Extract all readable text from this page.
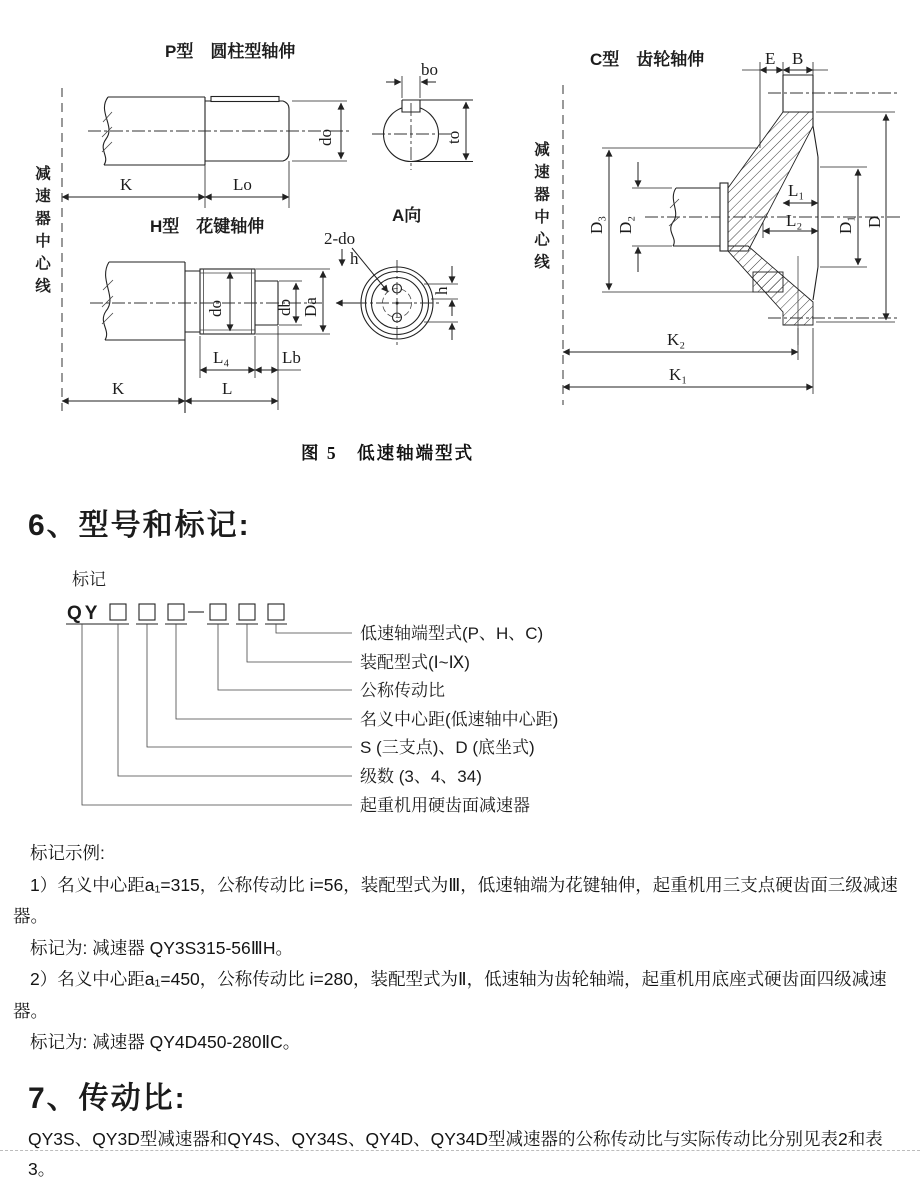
P型　圆柱型轴伸
do
K	Lo
bo
to
A向
H型　花键轴伸
do	db Da
2-do
h
h
L₄	Lb
K	L
C型　齿轮轴伸	E B
D₃ D₂
L₁
L₂ D₁ D
K₂
K₁
减速器中心线	减速器中心线
图 5　低速轴端型式
6、型号和标记:
标记
QY
低速轴端型式(P、H、C)
装配型式(Ⅰ~Ⅸ)
公称传动比
名义中心距(低速轴中心距)
S (三支点)、D (底坐式)
级数 (3、4、34)
起重机用硬齿面减速器

标记示例:

1）名义中心距a₁=315，公称传动比 i=56，装配型式为Ⅲ，低速轴端为花键轴伸，起重机用三支点硬齿面三级减速器。

标记为: 减速器 QY3S315-56ⅢH。

2）名义中心距a₁=450，公称传动比 i=280，装配型式为Ⅱ，低速轴为齿轮轴端，起重机用底座式硬齿面四级减速器。

标记为: 减速器 QY4D450-280ⅡC。

7、传动比:
QY3S、QY3D型减速器和QY4S、QY34S、QY4D、QY34D型减速器的公称传动比与实际传动比分别见表2和表3。
